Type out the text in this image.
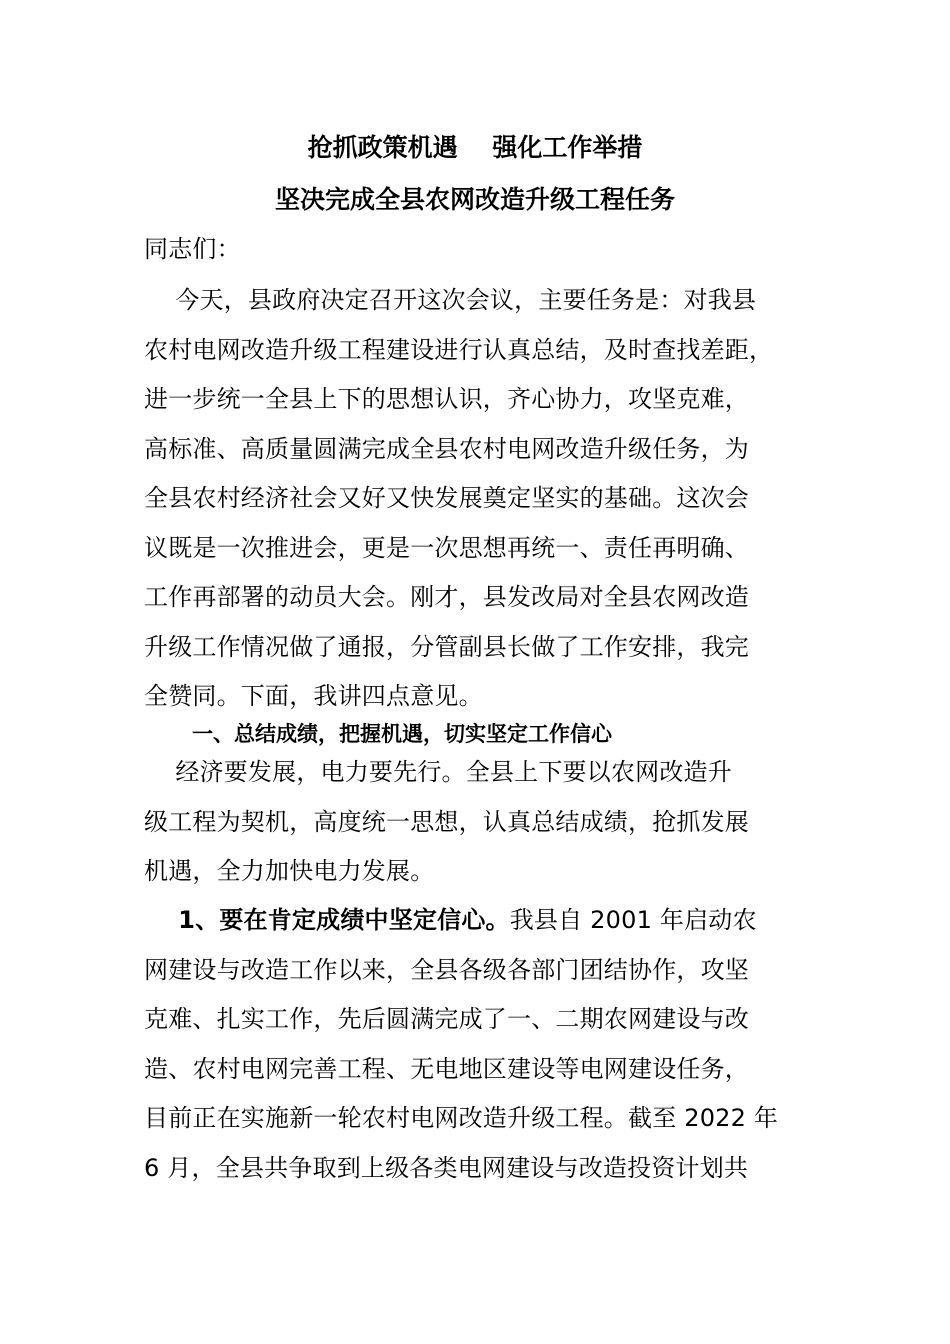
抢抓政策机遇    强化工作举措
坚决完成全县农网改造升级工程任务
同志们：
今天，县政府决定召开这次会议，主要任务是：对我县
农村电网改造升级工程建设进行认真总结，及时查找差距，
进一步统一全县上下的思想认识，齐心协力，攻坚克难，
高标准、高质量圆满完成全县农村电网改造升级任务，为
全县农村经济社会又好又快发展奠定坚实的基础。这次会
议既是一次推进会，更是一次思想再统一、责任再明确、
工作再部署的动员大会。刚才，县发改局对全县农网改造
升级工作情况做了通报，分管副县长做了工作安排，我完
全赞同。下面，我讲四点意见。
一、总结成绩，把握机遇，切实坚定工作信心
经济要发展，电力要先行。全县上下要以农网改造升
级工程为契机，高度统一思想，认真总结成绩，抢抓发展
机遇，全力加快电力发展。
1、要在肯定成绩中坚定信心。我县自 2001 年启动农
网建设与改造工作以来，全县各级各部门团结协作，攻坚
克难、扎实工作，先后圆满完成了一、二期农网建设与改
造、农村电网完善工程、无电地区建设等电网建设任务，
目前正在实施新一轮农村电网改造升级工程。截至 2022 年
6 月，全县共争取到上级各类电网建设与改造投资计划共
